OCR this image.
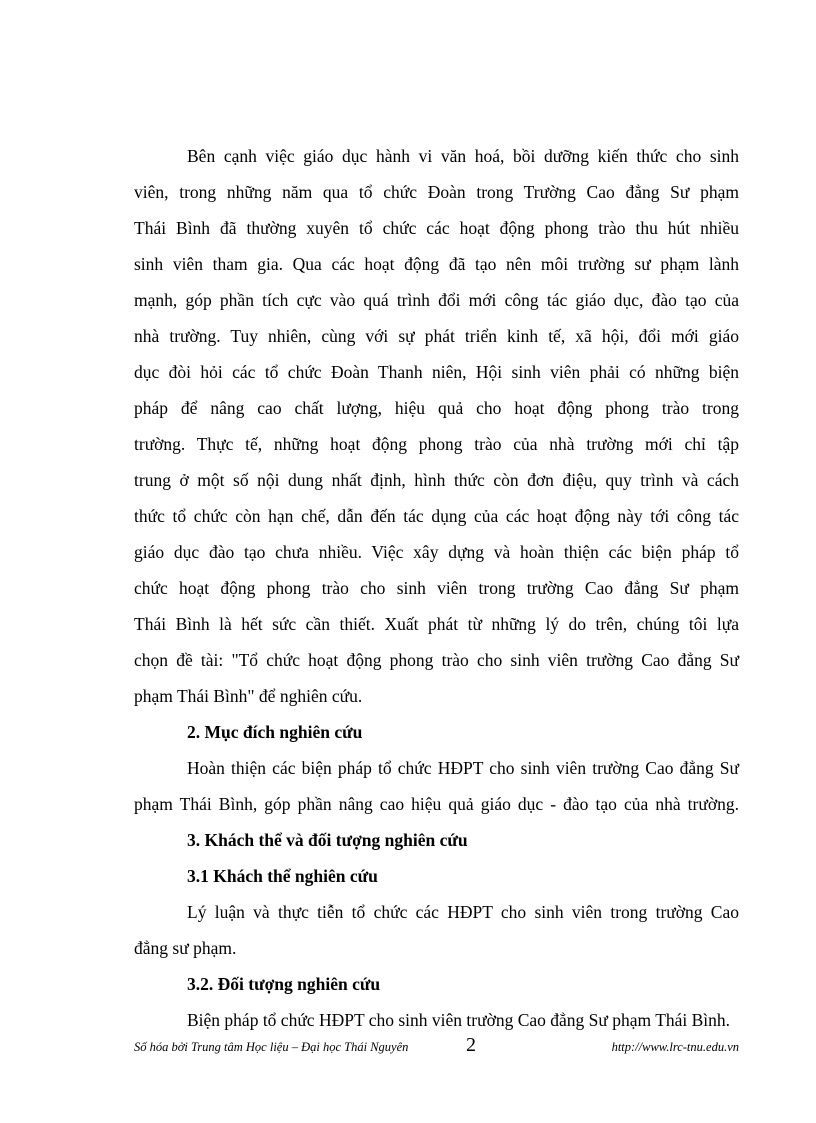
Bên cạnh việc giáo dục hành vi văn hoá, bồi dưỡng kiến thức cho sinh
viên, trong những năm qua tổ chức Đoàn trong Trường Cao đẳng Sư phạm
Thái Bình đã thường xuyên tổ chức các hoạt động phong trào thu hút nhiều
sinh viên tham gia. Qua các hoạt động đã tạo nên môi trường sư phạm lành
mạnh, góp phần tích cực vào quá trình đổi mới công tác giáo dục, đào tạo của
nhà trường. Tuy nhiên, cùng với sự phát triển kinh tế, xã hội, đổi mới giáo
dục đòi hỏi các tổ chức Đoàn Thanh niên, Hội sinh viên phải có những biện
pháp để nâng cao chất lượng, hiệu quả cho hoạt động phong trào trong
trường. Thực tế, những hoạt động phong trào của nhà trường mới chỉ tập
trung ở một số nội dung nhất định, hình thức còn đơn điệu, quy trình và cách
thức tổ chức còn hạn chế, dẫn đến tác dụng của các hoạt động này tới công tác
giáo dục đào tạo chưa nhiều. Việc xây dựng và hoàn thiện các biện pháp tổ
chức hoạt động phong trào cho sinh viên trong trường Cao đẳng Sư phạm
Thái Bình là hết sức cần thiết. Xuất phát từ những lý do trên, chúng tôi lựa
chọn đề tài: "Tổ chức hoạt động phong trào cho sinh viên trường Cao đẳng Sư
phạm Thái Bình" để nghiên cứu.
2. Mục đích nghiên cứu
Hoàn thiện các biện pháp tổ chức HĐPT cho sinh viên trường Cao đẳng Sư
phạm Thái Bình, góp phần nâng cao hiệu quả giáo dục - đào tạo của nhà trường.
3. Khách thể và đối tượng nghiên cứu
3.1 Khách thể nghiên cứu
Lý luận và thực tiễn tổ chức các HĐPT cho sinh viên trong trường Cao
đẳng sư phạm.
3.2. Đối tượng nghiên cứu
Biện pháp tổ chức HĐPT cho sinh viên trường Cao đẳng Sư phạm Thái Bình.
Số hóa bởi Trung tâm Học liệu – Đại học Thái Nguyên	2	http://www.lrc-tnu.edu.vn
